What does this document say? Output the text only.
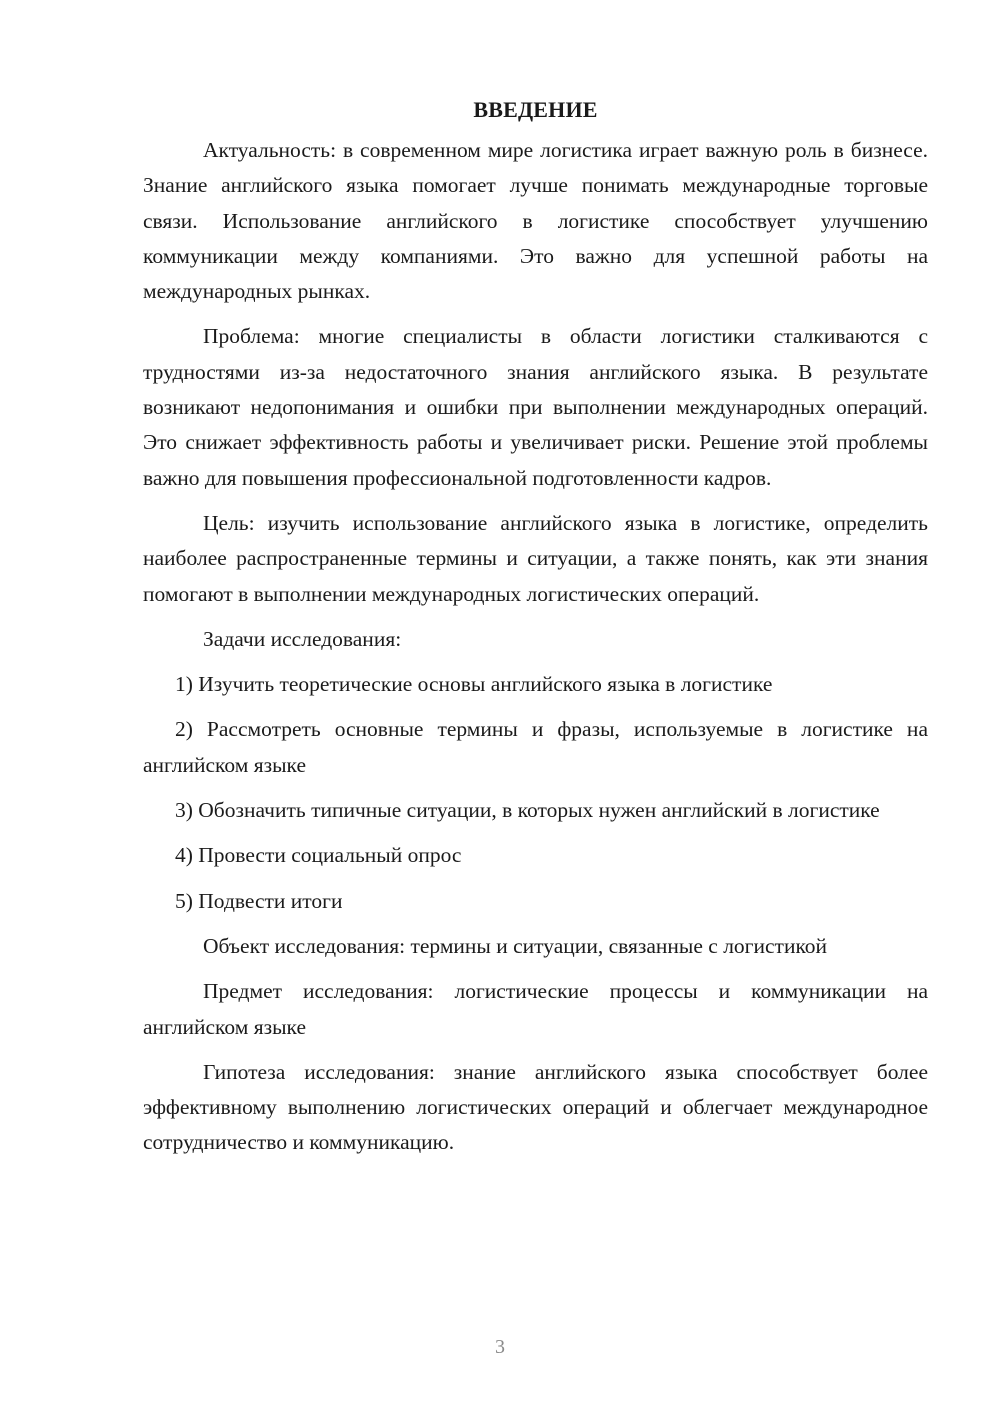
ВВЕДЕНИЕ

Актуальность: в современном мире логистика играет важную роль в бизнесе. Знание английского языка помогает лучше понимать международные торговые связи. Использование английского в логистике способствует улучшению коммуникации между компаниями. Это важно для успешной работы на международных рынках.

Проблема: многие специалисты в области логистики сталкиваются с трудностями из-за недостаточного знания английского языка. В результате возникают недопонимания и ошибки при выполнении международных операций. Это снижает эффективность работы и увеличивает риски. Решение этой проблемы важно для повышения профессиональной подготовленности кадров.

Цель: изучить использование английского языка в логистике, определить наиболее распространенные термины и ситуации, а также понять, как эти знания помогают в выполнении международных логистических операций.

Задачи исследования:

1) Изучить теоретические основы английского языка в логистике

2) Рассмотреть основные термины и фразы, используемые в логистике на английском языке

3) Обозначить типичные ситуации, в которых нужен английский в логистике

4) Провести социальный опрос

5) Подвести итоги

Объект исследования: термины и ситуации, связанные с логистикой

Предмет исследования: логистические процессы и коммуникации на английском языке

Гипотеза исследования: знание английского языка способствует более эффективному выполнению логистических операций и облегчает международное сотрудничество и коммуникацию.

3
